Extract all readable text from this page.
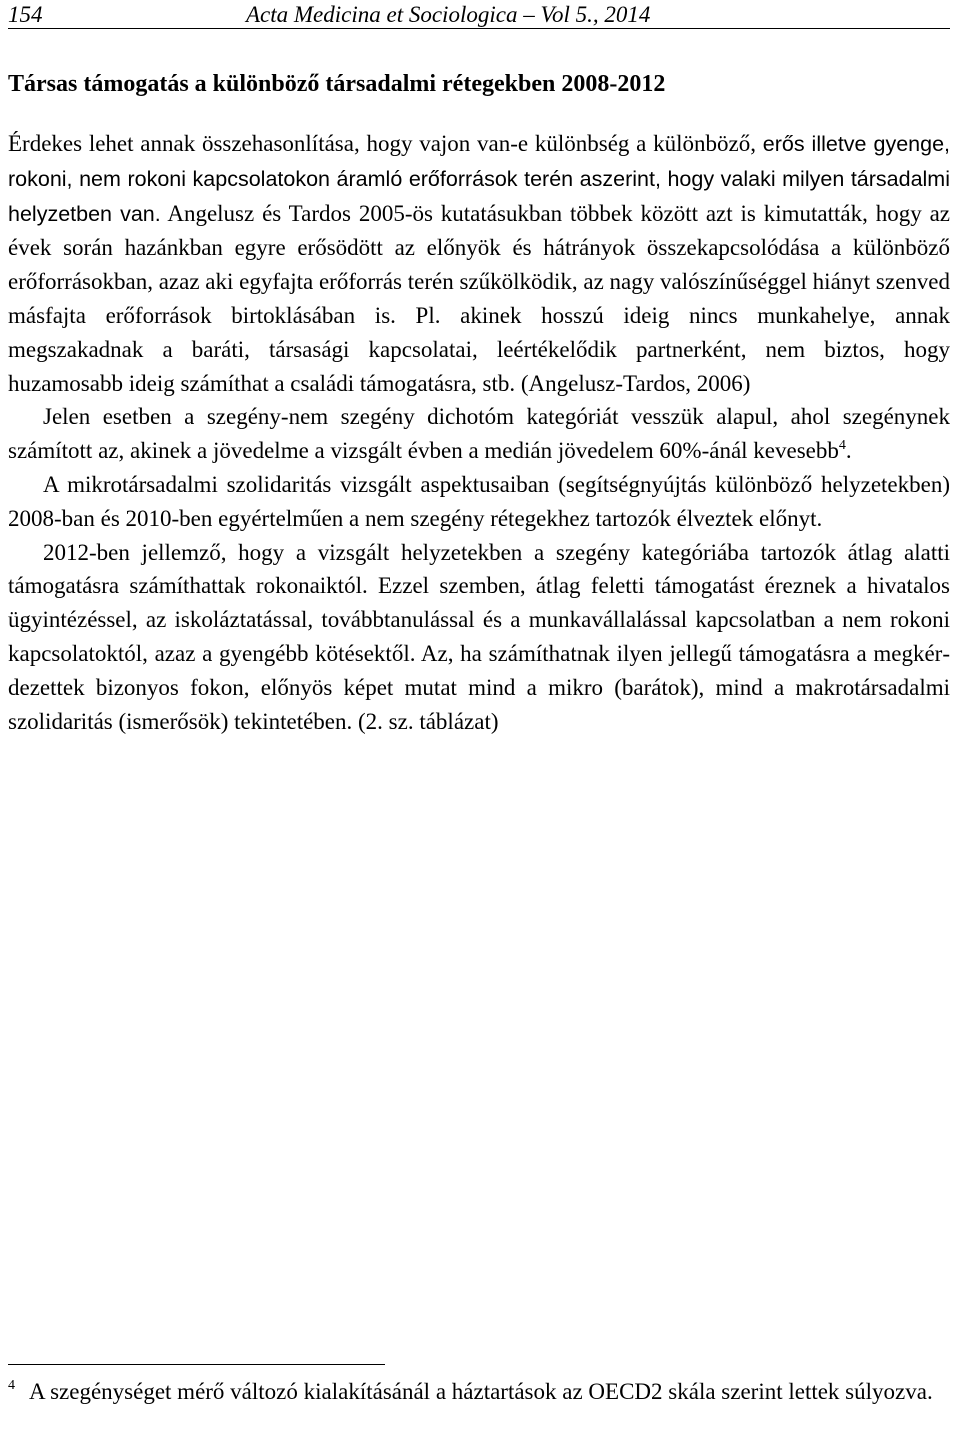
154	Acta Medicina et Sociologica – Vol 5., 2014
Társas támogatás a különböző társadalmi rétegekben 2008-2012

Érdekes lehet annak összehasonlítása, hogy vajon van-e különbség a különböző, erős illetve gyenge, rokoni, nem rokoni kapcsolatokon áramló erőforrások terén aszerint, hogy valaki milyen társadalmi helyzetben van. Angelusz és Tardos 2005-ös kutatásukban többek között azt is kimutatták, hogy az évek során hazánkban egyre erősödött az előnyök és hátrányok összekapcsolódása a különböző erőforrásokban, azaz aki egyfajta erőforrás terén szűkölködik, az nagy valószínűséggel hiányt szenved másfajta erőforrások birtoklásában is. Pl. akinek hosszú ideig nincs munkahelye, annak megszakadnak a baráti, társasági kapcsolatai, leértékelődik partnerként, nem biztos, hogy huzamosabb ideig számíthat a családi támogatásra, stb. (Angelusz-Tardos, 2006)

Jelen esetben a szegény-nem szegény dichotóm kategóriát vesszük alapul, ahol szegénynek számított az, akinek a jövedelme a vizsgált évben a medián jövedelem 60%-ánál kevesebb$^4$.

A mikrotársadalmi szolidaritás vizsgált aspektusaiban (segítségnyújtás különböző helyzetekben) 2008-ban és 2010-ben egyértelműen a nem szegény rétegekhez tartozók élveztek előnyt.

2012-ben jellemző, hogy a vizsgált helyzetekben a szegény kategóriába tartozók átlag alatti támogatásra számíthattak rokonaiktól. Ezzel szemben, átlag feletti támogatást éreznek a hivatalos ügyintézéssel, az iskoláztatással, továbbtanulással és a munkavállalással kapcsolatban a nem rokoni kapcsolatoktól, azaz a gyengébb kötésektől. Az, ha számíthatnak ilyen jellegű támogatásra a megkérdezettek bizonyos fokon, előnyös képet mutat mind a mikro (barátok), mind a makrotársadalmi szolidaritás (ismerősök) tekintetében. (2. sz. táblázat)

$^4$ A szegénységet mérő változó kialakításánál a háztartások az OECD2 skála szerint lettek súlyozva.
